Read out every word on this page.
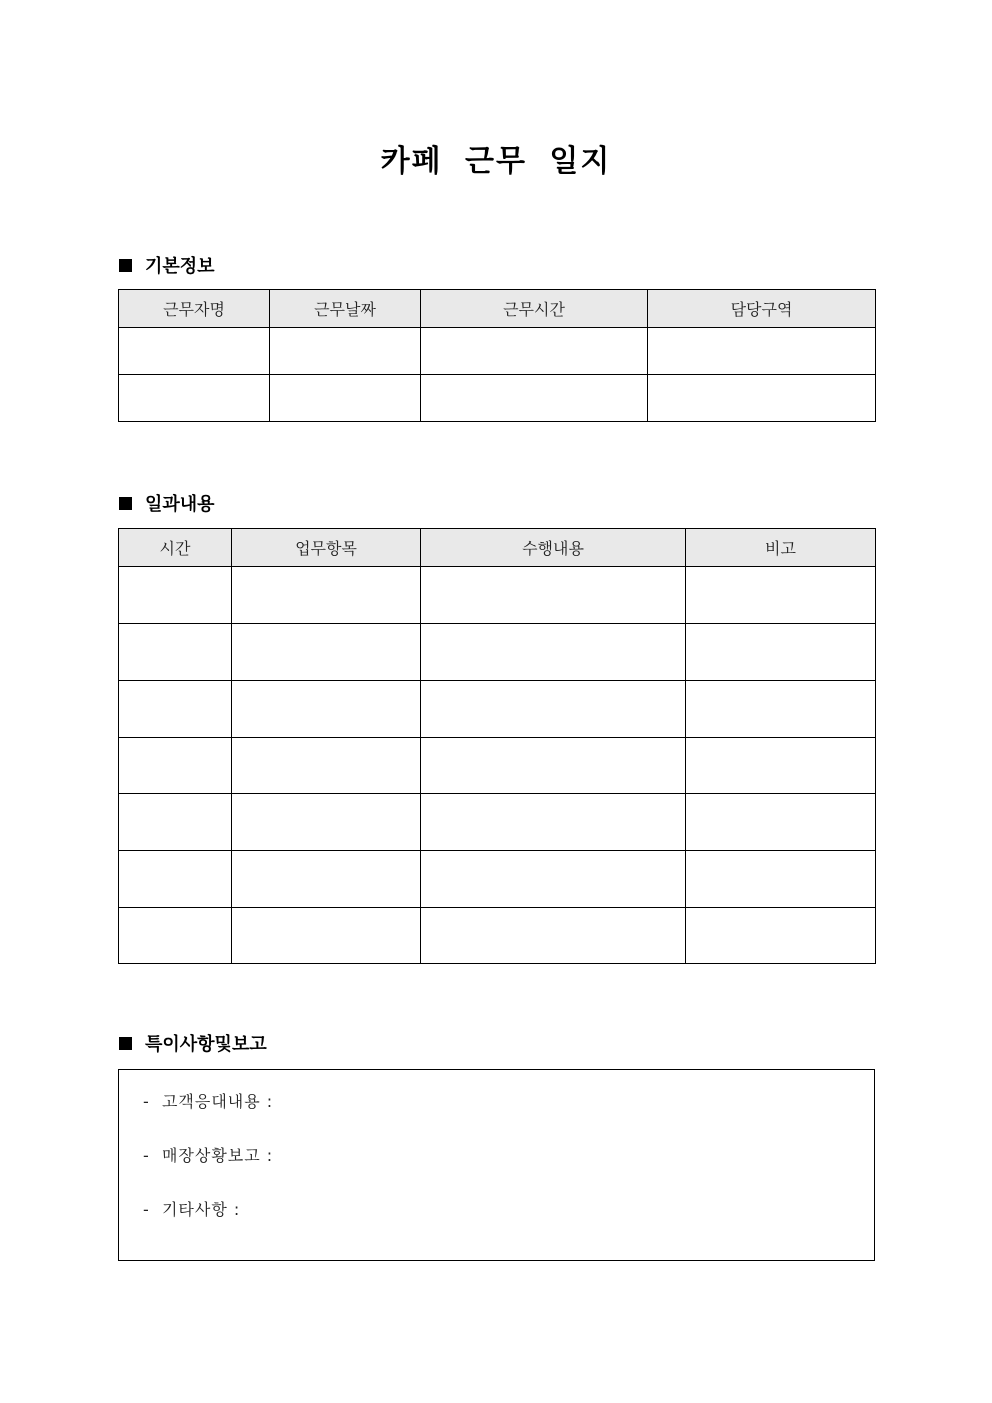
카페 근무 일지
기본정보
근무자명	근무날짜	근무시간	담당구역

일과내용
시간	업무항목	수행내용	비고

특이사항및보고
-  고객응대내용 :
-  매장상황보고 :
-  기타사항 :
